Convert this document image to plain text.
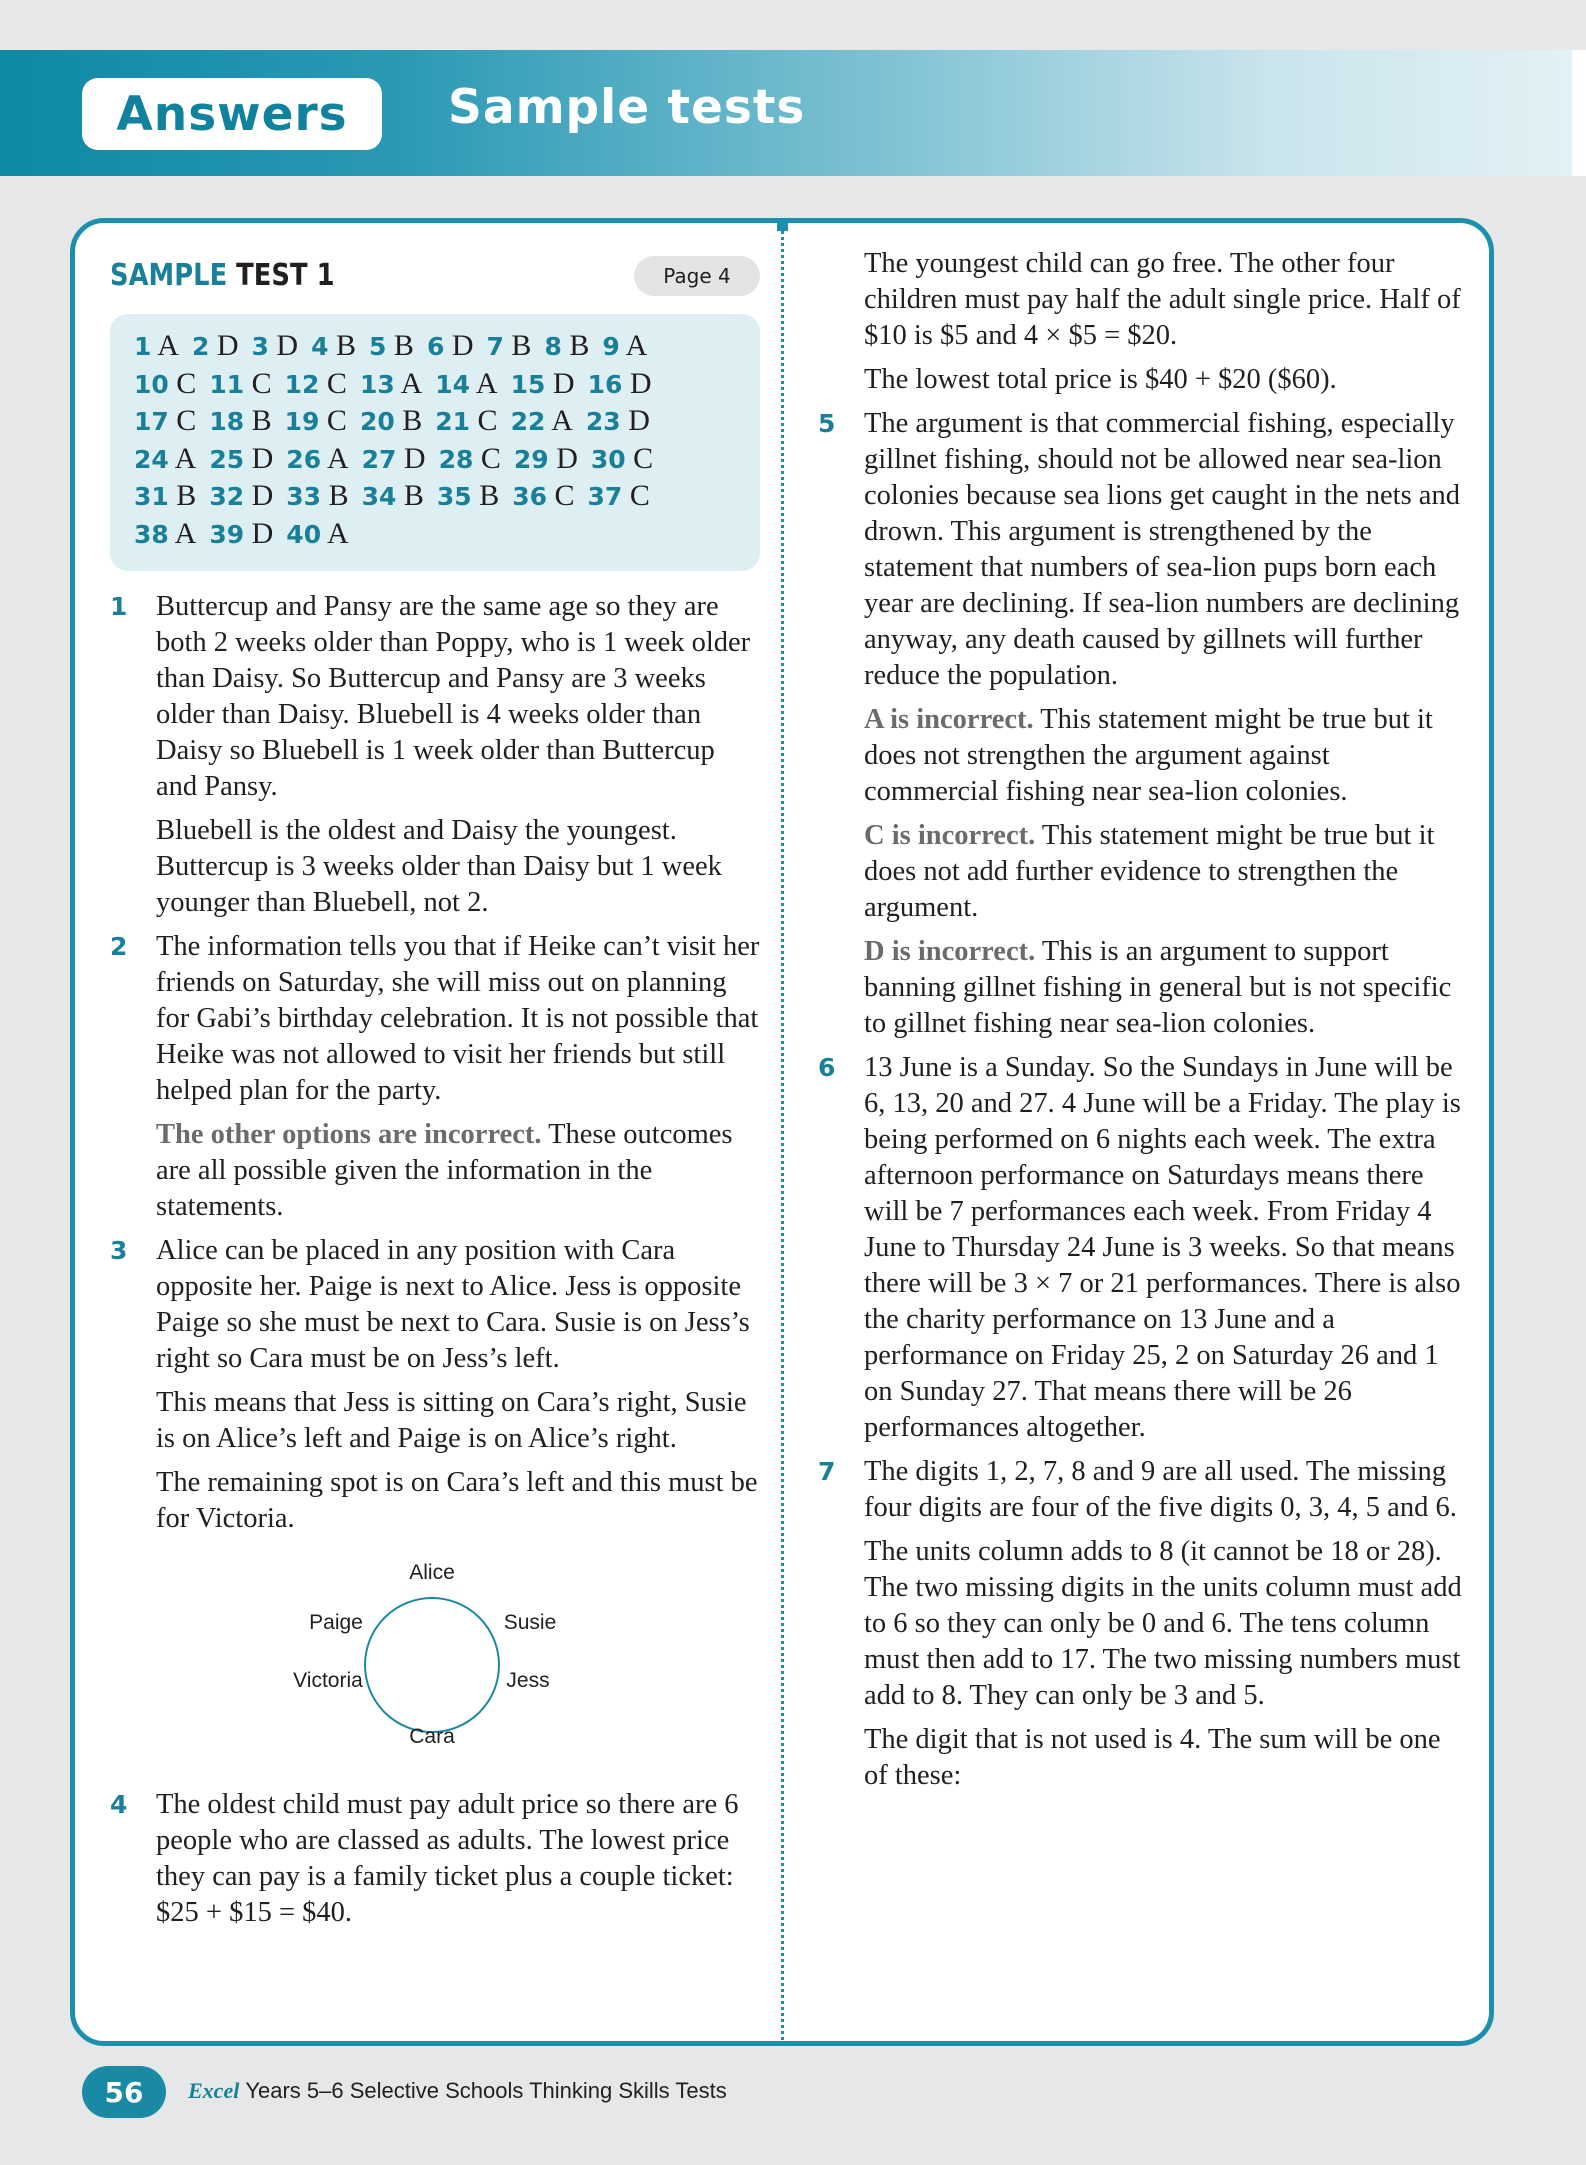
Answers	Sample tests
SAMPLE TEST 1	Page 4
1 A 2 D 3 D 4 B 5 B 6 D 7 B 8 B 9 A
10 C 11 C 12 C 13 A 14 A 15 D 16 D
17 C 18 B 19 C 20 B 21 C 22 A 23 D
24 A 25 D 26 A 27 D 28 C 29 D 30 C
31 B 32 D 33 B 34 B 35 B 36 C 37 C
38 A 39 D 40 A
1 Buttercup and Pansy are the same age so they are both 2 weeks older than Poppy, who is 1 week older than Daisy. So Buttercup and Pansy are 3 weeks older than Daisy. Bluebell is 4 weeks older than Daisy so Bluebell is 1 week older than Buttercup and Pansy.

Bluebell is the oldest and Daisy the youngest. Buttercup is 3 weeks older than Daisy but 1 week younger than Bluebell, not 2.

2 The information tells you that if Heike can’t visit her friends on Saturday, she will miss out on planning for Gabi’s birthday celebration. It is not possible that Heike was not allowed to visit her friends but still helped plan for the party.

The other options are incorrect. These outcomes are all possible given the information in the statements.

3 Alice can be placed in any position with Cara opposite her. Paige is next to Alice. Jess is opposite Paige so she must be next to Cara. Susie is on Jess’s right so Cara must be on Jess’s left.

This means that Jess is sitting on Cara’s right, Susie is on Alice’s left and Paige is on Alice’s right.

The remaining spot is on Cara’s left and this must be for Victoria.

Alice
Paige	Susie
Victoria	Jess
Cara
4 The oldest child must pay adult price so there are 6 people who are classed as adults. The lowest price they can pay is a family ticket plus a couple ticket: $25 + $15 = $40.

The youngest child can go free. The other four children must pay half the adult single price. Half of $10 is $5 and 4 × $5 = $20.

The lowest total price is $40 + $20 ($60).

5 The argument is that commercial fishing, especially gillnet fishing, should not be allowed near sea-lion colonies because sea lions get caught in the nets and drown. This argument is strengthened by the statement that numbers of sea-lion pups born each year are declining. If sea-lion numbers are declining anyway, any death caused by gillnets will further reduce the population.

A is incorrect. This statement might be true but it does not strengthen the argument against commercial fishing near sea-lion colonies.

C is incorrect. This statement might be true but it does not add further evidence to strengthen the argument.

D is incorrect. This is an argument to support banning gillnet fishing in general but is not specific to gillnet fishing near sea-lion colonies.

6 13 June is a Sunday. So the Sundays in June will be 6, 13, 20 and 27. 4 June will be a Friday. The play is being performed on 6 nights each week. The extra afternoon performance on Saturdays means there will be 7 performances each week. From Friday 4 June to Thursday 24 June is 3 weeks. So that means there will be 3 × 7 or 21 performances. There is also the charity performance on 13 June and a performance on Friday 25, 2 on Saturday 26 and 1 on Sunday 27. That means there will be 26 performances altogether.

7 The digits 1, 2, 7, 8 and 9 are all used. The missing four digits are four of the five digits 0, 3, 4, 5 and 6.

The units column adds to 8 (it cannot be 18 or 28). The two missing digits in the units column must add to 6 so they can only be 0 and 6. The tens column must then add to 17. The two missing numbers must add to 8. They can only be 3 and 5.

The digit that is not used is 4. The sum will be one of these:

56	Excel Years 5–6 Selective Schools Thinking Skills Tests
